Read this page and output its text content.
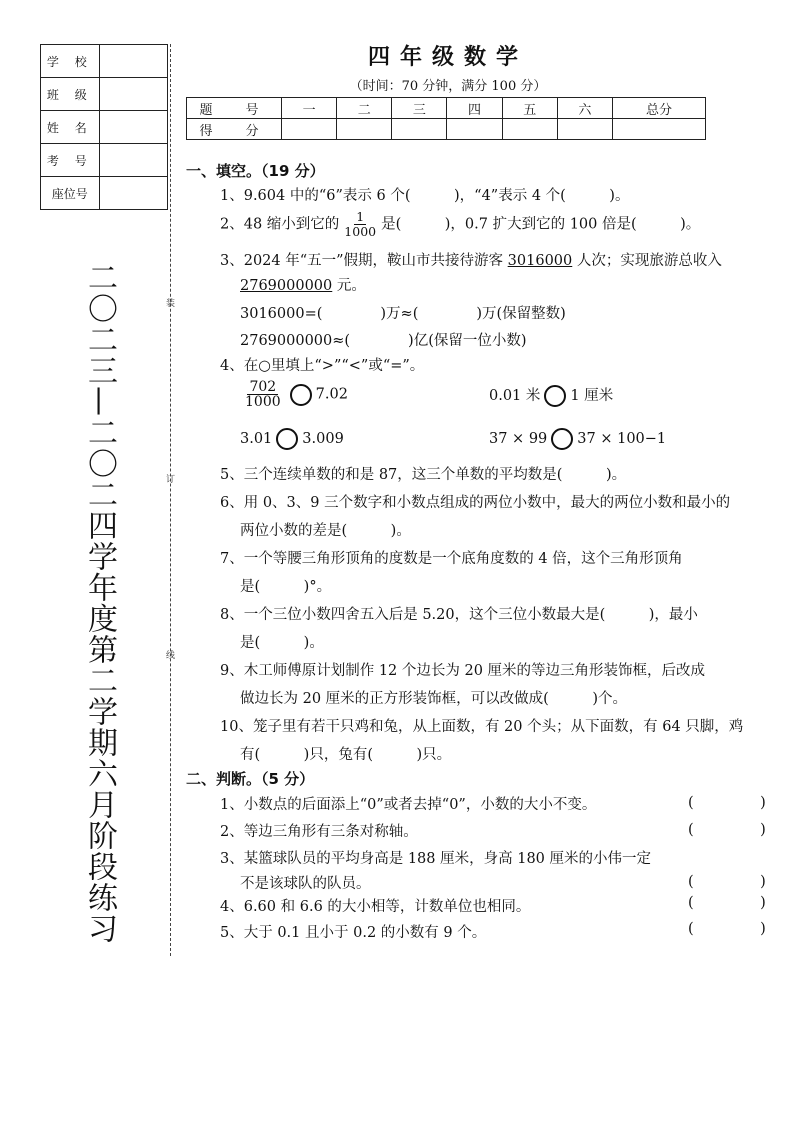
学 校	
班 级	
姓 名	
考 号	
座位号	
二〇二三—二〇二四学年度第二学期六月阶段练习	装
订
线
四年级数学
（时间：70 分钟，满分 100 分）
题　号	一	二	三	四	五	六	总分
得　分							
一、填空。（19 分）
1、9.604 中的“6”表示 6 个(　　　)，“4”表示 4 个(　　　)。
2、48 缩小到它的 $\frac{1}{1000}$ 是(　　　)，0.7 扩大到它的 100 倍是(　　　)。
3、2024 年“五一”假期，鞍山市共接待游客 3016000 人次；实现旅游总收入
2769000000 元。
3016000=(　　　　)万≈(　　　　)万(保留整数)
2769000000≈(　　　　)亿(保留一位小数)
4、在○里填上“>”“<”或“=”。
$\frac{702}{1000} 7.02$	0.01 米 1 厘米
3.01 3.009	37 × 99 37 × 100−1
5、三个连续单数的和是 87，这三个单数的平均数是(　　　)。
6、用 0、3、9 三个数字和小数点组成的两位小数中，最大的两位小数和最小的
两位小数的差是(　　　)。
7、一个等腰三角形顶角的度数是一个底角度数的 4 倍，这个三角形顶角
是(　　　)°。
8、一个三位小数四舍五入后是 5.20，这个三位小数最大是(　　　)，最小
是(　　　)。
9、木工师傅原计划制作 12 个边长为 20 厘米的等边三角形装饰框，后改成
做边长为 20 厘米的正方形装饰框，可以改做成(　　　)个。
10、笼子里有若干只鸡和兔，从上面数，有 20 个头；从下面数，有 64 只脚，鸡
有(　　　)只，兔有(　　　)只。
二、判断。（5 分）
1、小数点的后面添上“0”或者去掉“0”，小数的大小不变。	(　)
2、等边三角形有三条对称轴。	(　)
3、某篮球队员的平均身高是 188 厘米，身高 180 厘米的小伟一定
不是该球队的队员。	(　)
4、6.60 和 6.6 的大小相等，计数单位也相同。	(　)
5、大于 0.1 且小于 0.2 的小数有 9 个。	(　)
